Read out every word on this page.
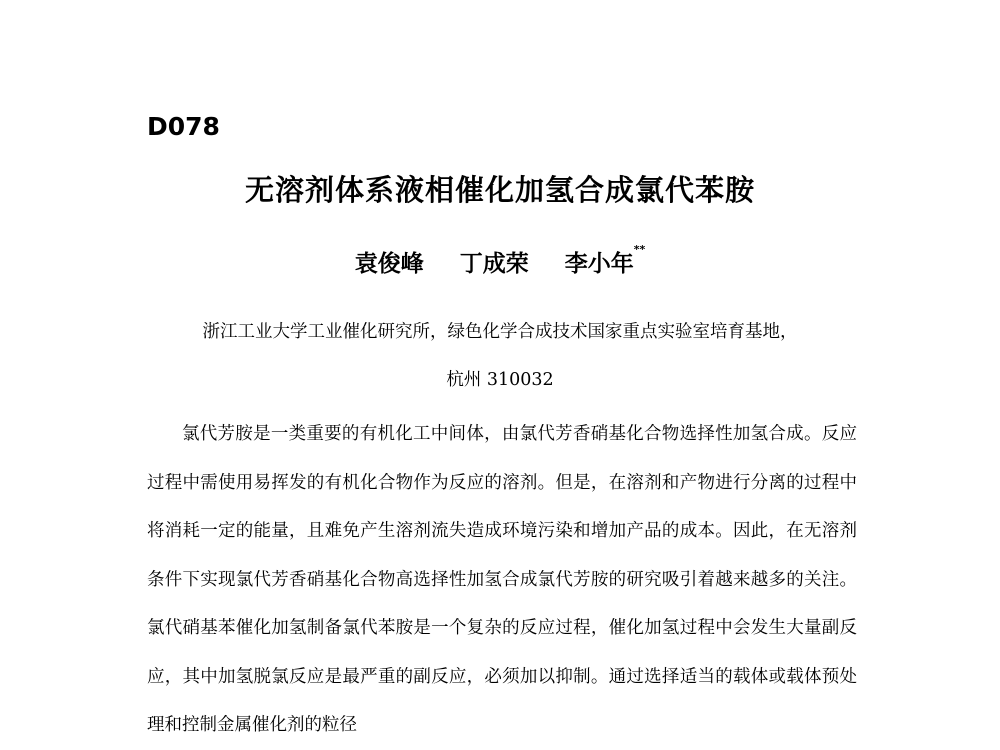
D078
无溶剂体系液相催化加氢合成氯代苯胺
袁俊峰 丁成荣 李小年**
浙江工业大学工业催化研究所，绿色化学合成技术国家重点实验室培育基地，
杭州 310032
氯代芳胺是一类重要的有机化工中间体，由氯代芳香硝基化合物选择性加氢合成。反应过程中需使用易挥发的有机化合物作为反应的溶剂。但是，在溶剂和产物进行分离的过程中将消耗一定的能量，且难免产生溶剂流失造成环境污染和增加产品的成本。因此，在无溶剂条件下实现氯代芳香硝基化合物高选择性加氢合成氯代芳胺的研究吸引着越来越多的关注。氯代硝基苯催化加氢制备氯代苯胺是一个复杂的反应过程，催化加氢过程中会发生大量副反应，其中加氢脱氯反应是最严重的副反应，必须加以抑制。通过选择适当的载体或载体预处理和控制金属催化剂的粒径
